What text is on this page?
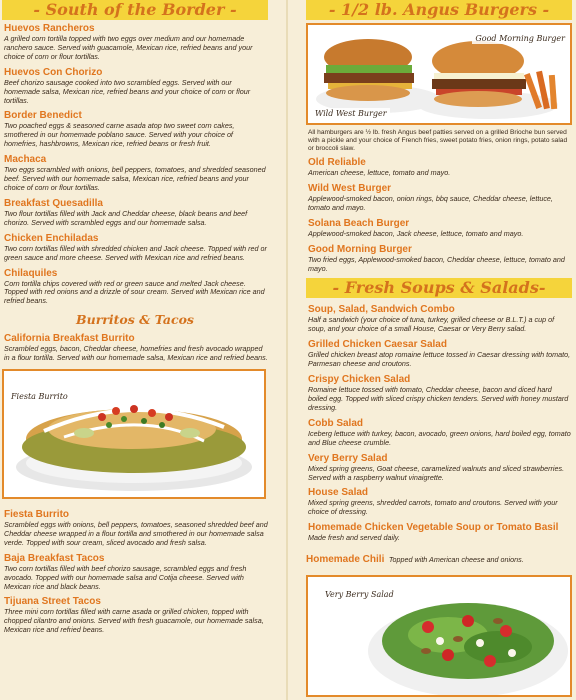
- South of the Border -
Huevos Rancheros
A grilled corn tortilla topped with two eggs over medium and our homemade ranchero sauce. Served with guacamole, Mexican rice, refried beans and your choice of corn or flour tortillas.
Huevos Con Chorizo
Beef chorizo sausage cooked into two scrambled eggs. Served with our homemade salsa, Mexican rice, refried beans and your choice of corn or flour tortillas.
Border Benedict
Two poached eggs & seasoned carne asada atop two sweet corn cakes, smothered in our homemade poblano sauce. Served with your choice of homefries, hashbrowns, Mexican rice, refried beans or fresh fruit.
Machaca
Two eggs scrambled with onions, bell peppers, tomatoes, and shredded seasoned beef. Served with our homemade salsa, Mexican rice, refried beans and your choice of corn or flour tortillas.
Breakfast Quesadilla
Two flour tortillas filled with Jack and Cheddar cheese, black beans and beef chorizo. Served with scrambled eggs and our homemade salsa.
Chicken Enchiladas
Two corn tortillas filled with shredded chicken and Jack cheese. Topped with red or green sauce and more cheese. Served with Mexican rice and refried beans.
Chilaquiles
Corn tortilla chips covered with red or green sauce and melted Jack cheese. Topped with red onions and a drizzle of sour cream. Served with Mexican rice and refried beans.
Burritos & Tacos
California Breakfast Burrito
Scrambled eggs, bacon, Cheddar cheese, homefries and fresh avocado wrapped in a flour tortilla. Served with our homemade salsa, Mexican rice and refried beans.
Fiesta Burrito
Fiesta Burrito
Scrambled eggs with onions, bell peppers, tomatoes, seasoned shredded beef and Cheddar cheese wrapped in a flour tortilla and smothered in our homemade salsa verde. Topped with sour cream, sliced avocado and fresh salsa.
Baja Breakfast Tacos
Two corn tortillas filled with beef chorizo sausage, scrambled eggs and fresh avocado. Topped with our homemade salsa and Cotija cheese. Served with Mexican rice and black beans.
Tijuana Street Tacos
Three mini corn tortillas filled with carne asada or grilled chicken, topped with chopped cilantro and onions. Served with fresh guacamole, our homemade salsa, Mexican rice and refried beans.
- 1/2 lb. Angus Burgers -
Good Morning Burger
Wild West Burger
All hamburgers are ½ lb. fresh Angus beef patties served on a grilled Brioche bun served with a pickle and your choice of French fries, sweet potato fries, onion rings, potato salad or broccoli slaw.
Old Reliable
American cheese, lettuce, tomato and mayo.
Wild West Burger
Applewood-smoked bacon, onion rings, bbq sauce, Cheddar cheese, lettuce, tomato and mayo.
Solana Beach Burger
Applewood-smoked bacon, Jack cheese, lettuce, tomato and mayo.
Good Morning Burger
Two fried eggs, Applewood-smoked bacon, Cheddar cheese, lettuce, tomato and mayo.
- Fresh Soups & Salads-
Soup, Salad, Sandwich Combo
Half a sandwich (your choice of tuna, turkey, grilled cheese or B.L.T.) a cup of soup, and your choice of a small House, Caesar or Very Berry salad.
Grilled Chicken Caesar Salad
Grilled chicken breast atop romaine lettuce tossed in Caesar dressing with tomato, Parmesan cheese and croutons.
Crispy Chicken Salad
Romaine lettuce tossed with tomato, Cheddar cheese, bacon and diced hard boiled egg. Topped with sliced crispy chicken tenders. Served with honey mustard dressing.
Cobb Salad
Iceberg lettuce with turkey, bacon, avocado, green onions, hard boiled egg, tomato and Blue cheese crumble.
Very Berry Salad
Mixed spring greens, Goat cheese, caramelized walnuts and sliced strawberries. Served with a raspberry walnut vinaigrette.
House Salad
Mixed spring greens, shredded carrots, tomato and croutons. Served with your choice of dressing.
Homemade Chicken Vegetable Soup or Tomato Basil
Made fresh and served daily.
Homemade Chili Topped with American cheese and onions.
Very Berry Salad
